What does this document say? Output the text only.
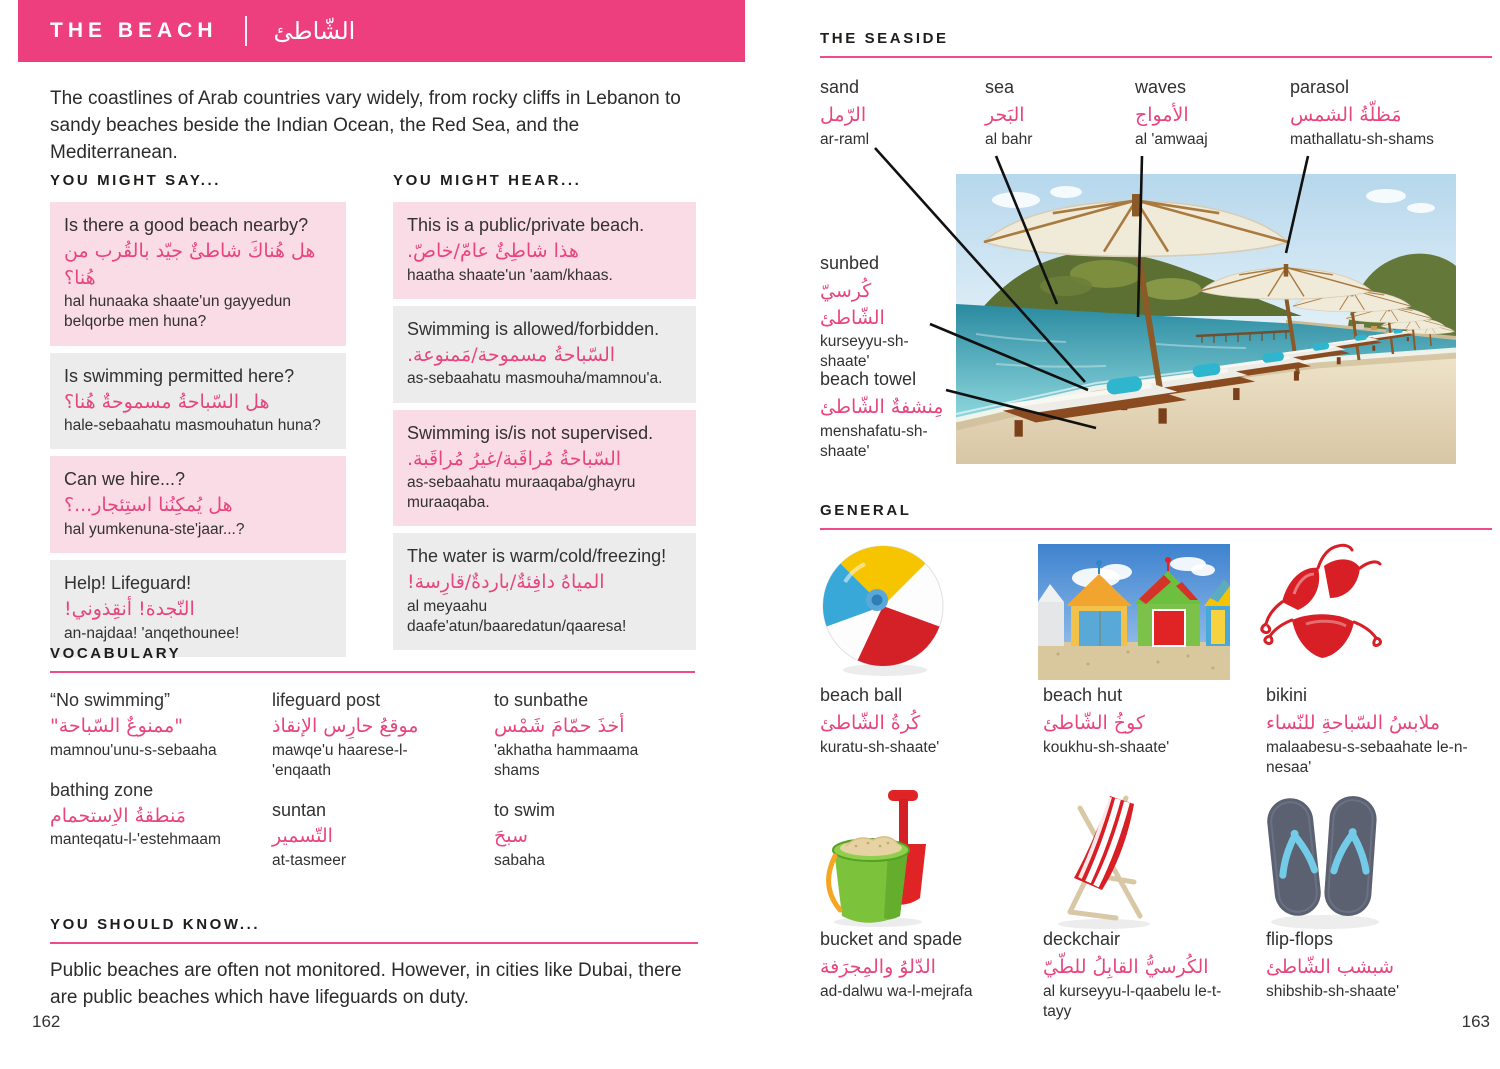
THE BEACH الشّاطئ
The coastlines of Arab countries vary widely, from rocky cliffs in Lebanon to sandy beaches beside the Indian Ocean, the Red Sea, and the Mediterranean.
YOU MIGHT SAY...
Is there a good beach nearby?
هل هُناكَ شاطئٌ جيّد بالقُرب من هُنا؟
hal hunaaka shaate'un gayyedun belqorbe men huna?
Is swimming permitted here?
هل السّباحةُ مسموحةٌ هُنا؟
hale-sebaahatu masmouhatun huna?
Can we hire...?
هل يُمكِنُنا استِئجار...؟
hal yumkenuna-ste'jaar...?
Help! Lifeguard!
النّجدة! أنقِذوني!
an-najdaa! 'anqethounee!
YOU MIGHT HEAR...
This is a public/private beach.
هذا شاطِئٌ عامّ/خاصّ.
haatha shaate'un 'aam/khaas.
Swimming is allowed/forbidden.
السّباحةُ مسموحة/مَمنوعة.
as-sebaahatu masmouha/mamnou'a.
Swimming is/is not supervised.
السّباحةُ مُراقَبة/غيرُ مُراقَبة.
as-sebaahatu muraaqaba/ghayru muraaqaba.
The water is warm/cold/freezing!
المياهُ دافِئةٌ/باردةٌ/قارِسة!
al meyaahu daafe'atun/baaredatun/qaaresa!
VOCABULARY
“No swimming”
"ممنوعٌ السّباحة"
mamnou'unu-s-sebaaha
bathing zone
مَنطقةُ الاِستحمام
manteqatu-l-'estehmaam
lifeguard post
موقعُ حارِس الإنقاذ
mawqe'u haarese-l-'enqaath
suntan
التّسمير
at-tasmeer
to sunbathe
أخذَ حمّامَ شَمْس
'akhatha hammaama shams
to swim
سبحَ
sabaha
YOU SHOULD KNOW...
Public beaches are often not monitored. However, in cities like Dubai, there are public beaches which have lifeguards on duty.
162
THE SEASIDE
sand
الرّمل
ar-raml
sea
البَحر
al bahr
waves
الأمواج
al 'amwaaj
parasol
مَظلّةُ الشمس
mathallatu-sh-shams
sunbed
كُرسيّ الشّاطئ
kurseyyu-sh-shaate'
beach towel
مِنشفةٌ الشّاطئ
menshafatu-sh-shaate'
GENERAL
beach ball
كُرةُ الشّاطئ
kuratu-sh-shaate'
beach hut
كوخُ الشّاطئ
koukhu-sh-shaate'
bikini
ملابسُ السّباحةِ للنّساء
malaabesu-s-sebaahate le-n-nesaa'
bucket and spade
الدّلوُ والمِجرَفة
ad-dalwu wa-l-mejrafa
deckchair
الكُرسيُّ القابِلُ للطّيّ
al kurseyyu-l-qaabelu le-t-tayy
flip-flops
شبشب الشّاطئ
shibshib-sh-shaate'
163
